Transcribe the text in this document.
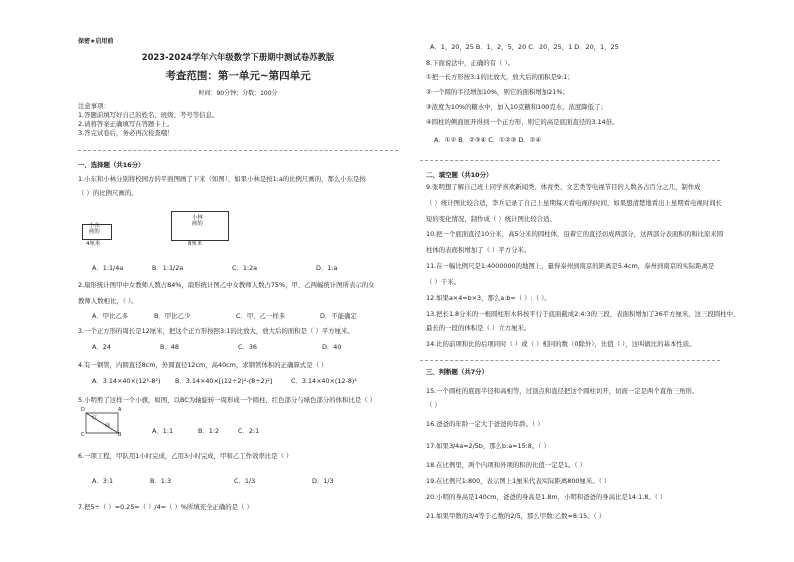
保密★启用前
2023-2024学年六年级数学下册期中测试卷苏教版
考查范围：第一单元~第四单元
时间：90分钟；分数：100分
注意事项：
1.答题前填写好自己的姓名、班级、考号等信息。
2.请将答案正确填写在答题卡上。
3.答完试卷后，务必再次检查哦！
一、选择题（共16分）
1.小东和小林分别将校园方的平面图画了下来（如图），如果小林是按1:a的比例尺画的，那么小东是按
（ ）的比例尺画的。
小东
画的
4厘米
小林
画的
8厘米
A．1:1/4a	B．1:1/2a	C．1:2a	D．1:a
2.扇形统计图甲中女教师人数占84%，扇形统计图乙中女教师人数占75%，甲、乙两幅统计图所表示的女
教师人数相比，（ ）。
A．甲比乙多	B．甲比乙少	C．甲、乙一样多	D．不能确定
3.一个正方形的周长是12厘米，把这个正方形按照3:1的比放大，放大后的面积是（ ）平方厘米。
A．24	B．48	C．36	D．40
4.有一钢管，内圆直径8cm，外圆直径12cm，高40cm，求钢管体积的正确算式是（ ）
A．3.14×40×(12²-8²) B．3.14×40×[(12÷2)²-(8÷2)²]	C．3.14×40×(12-8)²
5.小明剪了这样一个小旗，如图，以BC为轴旋转一周形成一个圆柱，红色部分与绿色部分的体积比是（ ）
D
C	B
A
红
绿
A．1:1	B．1:2	C．2:1
6.一项工程，甲队用1小时完成，乙用3小时完成，甲和乙工作效率比是（ ）
A．3:1	B．1:3	C．1/3	D．1/3
7.把5÷（ ）=0.25=（ ）/4=（ ）%所填充全正确的是（ ）
A．1，20，25 B．1，2，5，20 C．20，25，1 D．20，1，25
8.下面说法中，正确的有（ ）。
①把一长方形按3:1的比放大，放大后的面积是9:1；
②一个圆的半径增加10%，则它的面积增加21%；
③浓度为10%的糖水中，加入10克糖和100克水，浓度降低了；
④圆柱的侧面展开得到一个正方形，则它的高是底面直径的3.14倍。
A．①② B．②③④ C．①②③ D．②④
二、填空题（共10分）
9.张明想了解自己班上同学喜欢新闻类、体育类、文艺类等电视节目的人数各占百分之几，制作成
（ ）统计图比较合适，李兵记录了自己上星期每天看电视的时间，如果想清楚地看出上星期看电视时间长
短的变化情况，制作成（ ）统计图比较合适。
10.把一个底面直径10分米，高5分米的圆柱体，沿着它的直径切成两部分，这两部分表面积的和比原来圆
柱体的表面积增加了（ ）平方分米。
11.在一幅比例尺是1:4000000的地图上，量得泰州到南京的距离是5.4cm，泰州到南京的实际距离是
（ ）千米。
12.如果a×4=b×3，那么a:b=（ ）:（ ）。
13.把长1.8分米的一根圆柱形木料按平行于底面截成2:4:3的三段，表面积增加了36平方厘米，这三段圆柱中，
最长的一段的体积是（ ）立方厘米。
14.比的前项和比的后项同时（ ）或（ ）相同的数（0除外），比值（ ），这叫做比的基本性质。
三、判断题（共7分）
15.一个圆柱的底面半径和高相等，过顶点和直径把这个圆柱切开，切面一定是两个直角三角形。
（ ）
16.爸爸的年龄一定大于爸爸的年龄。（ ）
17.如果3/4a=2/5b，那么b:a=15:8。（ ）
18.在比例里，两个内项和外项的积的比值一定是1。（ ）
19.在比例尺1:800，表示图上1厘米代表实际距离800厘米。（ ）
20.小明的身高是140cm，爸爸的身高是1.8m，小明和爸爸的身高比是14:1.8。（ ）
21.如果甲数的3/4等于乙数的2/5，那么甲数:乙数=8:15。（ ）
